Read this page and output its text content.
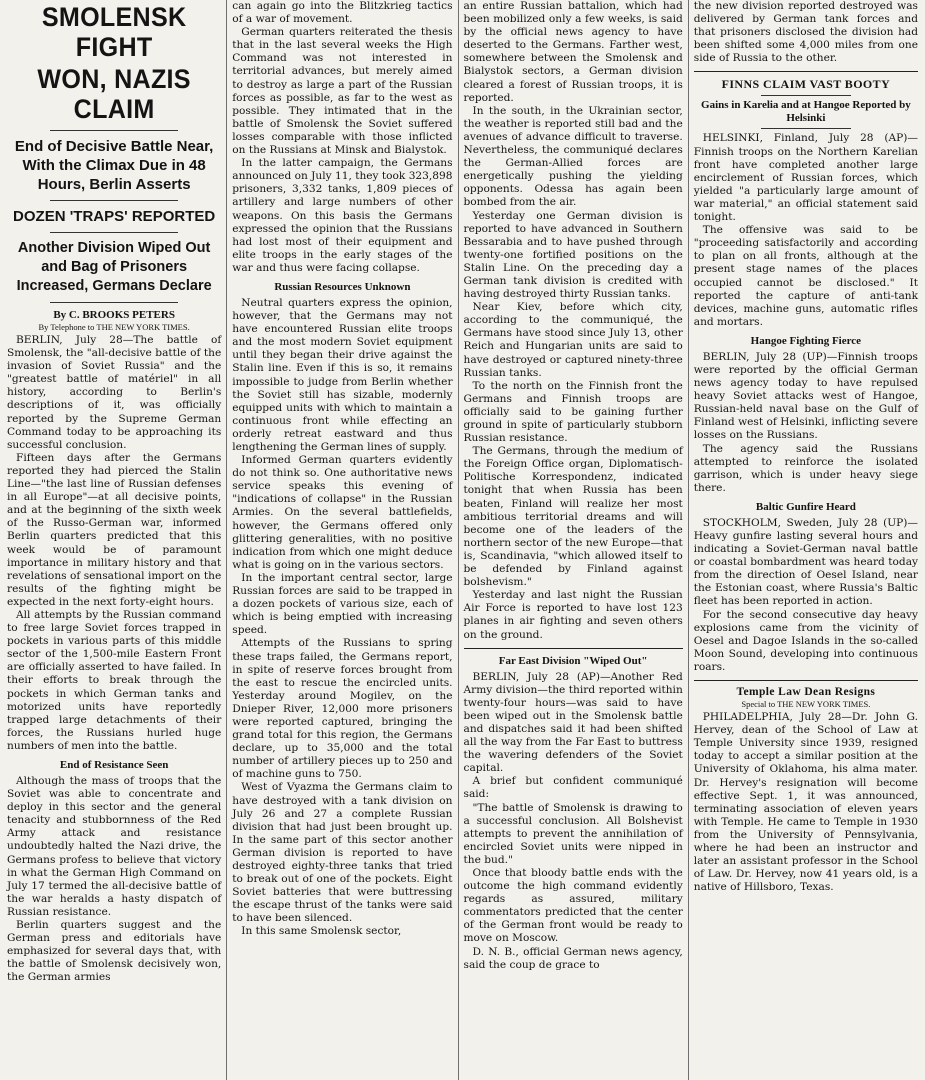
SMOLENSK FIGHT
WON, NAZIS CLAIM
End of Decisive Battle Near, With the Climax Due in 48 Hours, Berlin Asserts
DOZEN 'TRAPS' REPORTED
Another Division Wiped Out and Bag of Prisoners Increased, Germans Declare
By C. BROOKS PETERS
By Telephone to THE NEW YORK TIMES.

BERLIN, July 28—The battle of Smolensk, the "all-decisive battle of the invasion of Soviet Russia" and the "greatest battle of matériel" in all history, according to Berlin's descriptions of it, was officially reported by the Supreme German Command today to be approaching its successful conclusion.

Fifteen days after the Germans reported they had pierced the Stalin Line—"the last line of Russian defenses in all Europe"—at all decisive points, and at the beginning of the sixth week of the Russo-German war, informed Berlin quarters predicted that this week would be of paramount importance in military history and that revelations of sensational import on the results of the fighting might be expected in the next forty-eight hours.

All attempts by the Russian command to free large Soviet forces trapped in pockets in various parts of this middle sector of the 1,500-mile Eastern Front are officially asserted to have failed. In their efforts to break through the pockets in which German tanks and motorized units have reportedly trapped large detachments of their forces, the Russians hurled huge numbers of men into the battle.

End of Resistance Seen

Although the mass of troops that the Soviet was able to concentrate and deploy in this sector and the general tenacity and stubbornness of the Red Army attack and resistance undoubtedly halted the Nazi drive, the Germans profess to believe that victory in what the German High Command on July 17 termed the all-decisive battle of the war heralds a hasty dispatch of Russian resistance.

Berlin quarters suggest and the German press and editorials have emphasized for several days that, with the battle of Smolensk decisively won, the German armies

can again go into the Blitzkrieg tactics of a war of movement.

German quarters reiterated the thesis that in the last several weeks the High Command was not interested in territorial advances, but merely aimed to destroy as large a part of the Russian forces as possible, as far to the west as possible. They intimated that in the battle of Smolensk the Soviet suffered losses comparable with those inflicted on the Russians at Minsk and Bialystok.

In the latter campaign, the Germans announced on July 11, they took 323,898 prisoners, 3,332 tanks, 1,809 pieces of artillery and large numbers of other weapons. On this basis the Germans expressed the opinion that the Russians had lost most of their equipment and elite troops in the early stages of the war and thus were facing collapse.

Russian Resources Unknown

Neutral quarters express the opinion, however, that the Germans may not have encountered Russian elite troops and the most modern Soviet equipment until they began their drive against the Stalin line. Even if this is so, it remains impossible to judge from Berlin whether the Soviet still has sizable, modernly equipped units with which to maintain a continuous front while effecting an orderly retreat eastward and thus lengthening the German lines of supply.

Informed German quarters evidently do not think so. One authoritative news service speaks this evening of "indications of collapse" in the Russian Armies. On the several battlefields, however, the Germans offered only glittering generalities, with no positive indication from which one might deduce what is going on in the various sectors.

In the important central sector, large Russian forces are said to be trapped in a dozen pockets of various size, each of which is being emptied with increasing speed.

Attempts of the Russians to spring these traps failed, the Germans report, in spite of reserve forces brought from the east to rescue the encircled units. Yesterday around Mogilev, on the Dnieper River, 12,000 more prisoners were reported captured, bringing the grand total for this region, the Germans declare, up to 35,000 and the total number of artillery pieces up to 250 and of machine guns to 750.

West of Vyazma the Germans claim to have destroyed with a tank division on July 26 and 27 a complete Russian division that had just been brought up. In the same part of this sector another German division is reported to have destroyed eighty-three tanks that tried to break out of one of the pockets. Eight Soviet batteries that were buttressing the escape thrust of the tanks were said to have been silenced.

In this same Smolensk sector,

an entire Russian battalion, which had been mobilized only a few weeks, is said by the official news agency to have deserted to the Germans. Farther west, somewhere between the Smolensk and Bialystok sectors, a German division cleared a forest of Russian troops, it is reported.

In the south, in the Ukrainian sector, the weather is reported still bad and the avenues of advance difficult to traverse. Nevertheless, the communiqué declares the German-Allied forces are energetically pushing the yielding opponents. Odessa has again been bombed from the air.

Yesterday one German division is reported to have advanced in Southern Bessarabia and to have pushed through twenty-one fortified positions on the Stalin Line. On the preceding day a German tank division is credited with having destroyed thirty Russian tanks.

Near Kiev, before which city, according to the communiqué, the Germans have stood since July 13, other Reich and Hungarian units are said to have destroyed or captured ninety-three Russian tanks.

To the north on the Finnish front the Germans and Finnish troops are officially said to be gaining further ground in spite of particularly stubborn Russian resistance.

The Germans, through the medium of the Foreign Office organ, Diplomatisch-Politische Korrespondenz, indicated tonight that when Russia has been beaten, Finland will realize her most ambitious territorial dreams and will become one of the leaders of the northern sector of the new Europe—that is, Scandinavia, "which allowed itself to be defended by Finland against bolshevism."

Yesterday and last night the Russian Air Force is reported to have lost 123 planes in air fighting and seven others on the ground.

Far East Division "Wiped Out"

BERLIN, July 28 (AP)—Another Red Army division—the third reported within twenty-four hours—was said to have been wiped out in the Smolensk battle and dispatches said it had been shifted all the way from the Far East to buttress the wavering defenders of the Soviet capital.

A brief but confident communiqué said:

"The battle of Smolensk is drawing to a successful conclusion. All Bolshevist attempts to prevent the annihilation of encircled Soviet units were nipped in the bud."

Once that bloody battle ends with the outcome the high command evidently regards as assured, military commentators predicted that the center of the German front would be ready to move on Moscow.

D. N. B., official German news agency, said the coup de grace to

the new division reported destroyed was delivered by German tank forces and that prisoners disclosed the division had been shifted some 4,000 miles from one side of Russia to the other.

FINNS CLAIM VAST BOOTY
Gains in Karelia and at Hangoe Reported by Helsinki

HELSINKI, Finland, July 28 (AP)—Finnish troops on the Northern Karelian front have completed another large encirclement of Russian forces, which yielded "a particularly large amount of war material," an official statement said tonight.

The offensive was said to be "proceeding satisfactorily and according to plan on all fronts, although at the present stage names of the places occupied cannot be disclosed." It reported the capture of anti-tank devices, machine guns, automatic rifles and mortars.

Hangoe Fighting Fierce

BERLIN, July 28 (UP)—Finnish troops were reported by the official German news agency today to have repulsed heavy Soviet attacks west of Hangoe, Russian-held naval base on the Gulf of Finland west of Helsinki, inflicting severe losses on the Russians.

The agency said the Russians attempted to reinforce the isolated garrison, which is under heavy siege there.

Baltic Gunfire Heard

STOCKHOLM, Sweden, July 28 (UP)—Heavy gunfire lasting several hours and indicating a Soviet-German naval battle or coastal bombardment was heard today from the direction of Oesel Island, near the Estonian coast, where Russia's Baltic fleet has been reported in action.

For the second consecutive day heavy explosions came from the vicinity of Oesel and Dagoe Islands in the so-called Moon Sound, developing into continuous roars.

Temple Law Dean Resigns
Special to THE NEW YORK TIMES.

PHILADELPHIA, July 28—Dr. John G. Hervey, dean of the School of Law at Temple University since 1939, resigned today to accept a similar position at the University of Oklahoma, his alma mater. Dr. Hervey's resignation will become effective Sept. 1, it was announced, terminating association of eleven years with Temple. He came to Temple in 1930 from the University of Pennsylvania, where he had been an instructor and later an assistant professor in the School of Law. Dr. Hervey, now 41 years old, is a native of Hillsboro, Texas.
